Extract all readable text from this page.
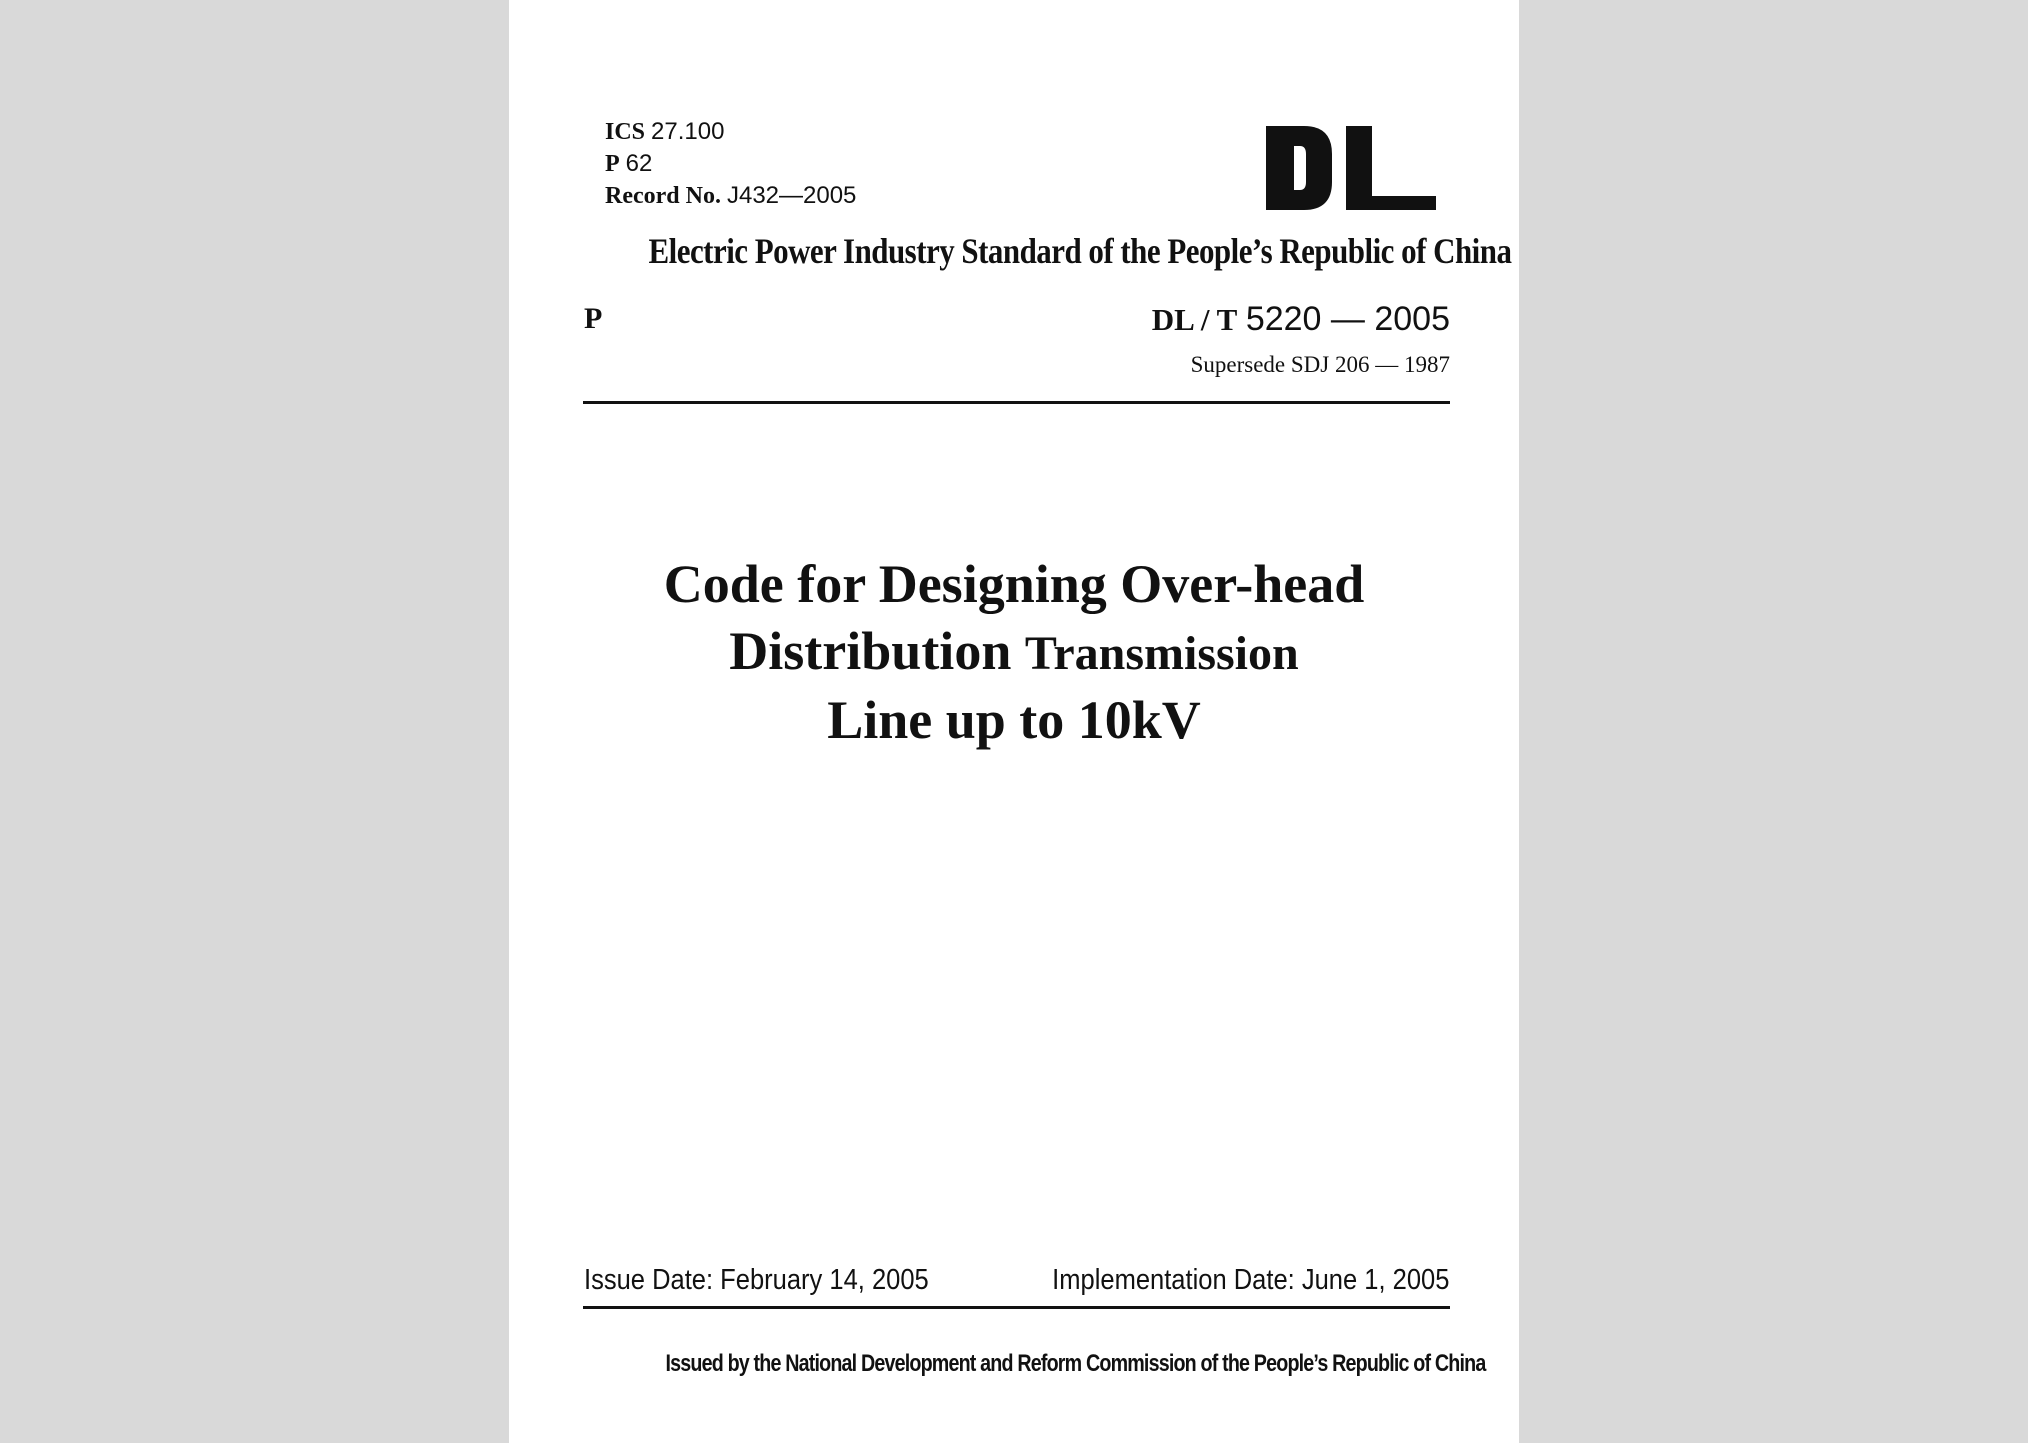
ICS 27.100
P 62
Record No. J432—2005
Electric Power Industry Standard of the People’s Republic of China
P	DL / T 5220 — 2005
Supersede SDJ 206 — 1987
Code for Designing Over-head
Distribution Transmission
Line up to 10kV
Issue Date: February 14, 2005	Implementation Date: June 1, 2005
Issued by the National Development and Reform Commission of the People’s Republic of China
